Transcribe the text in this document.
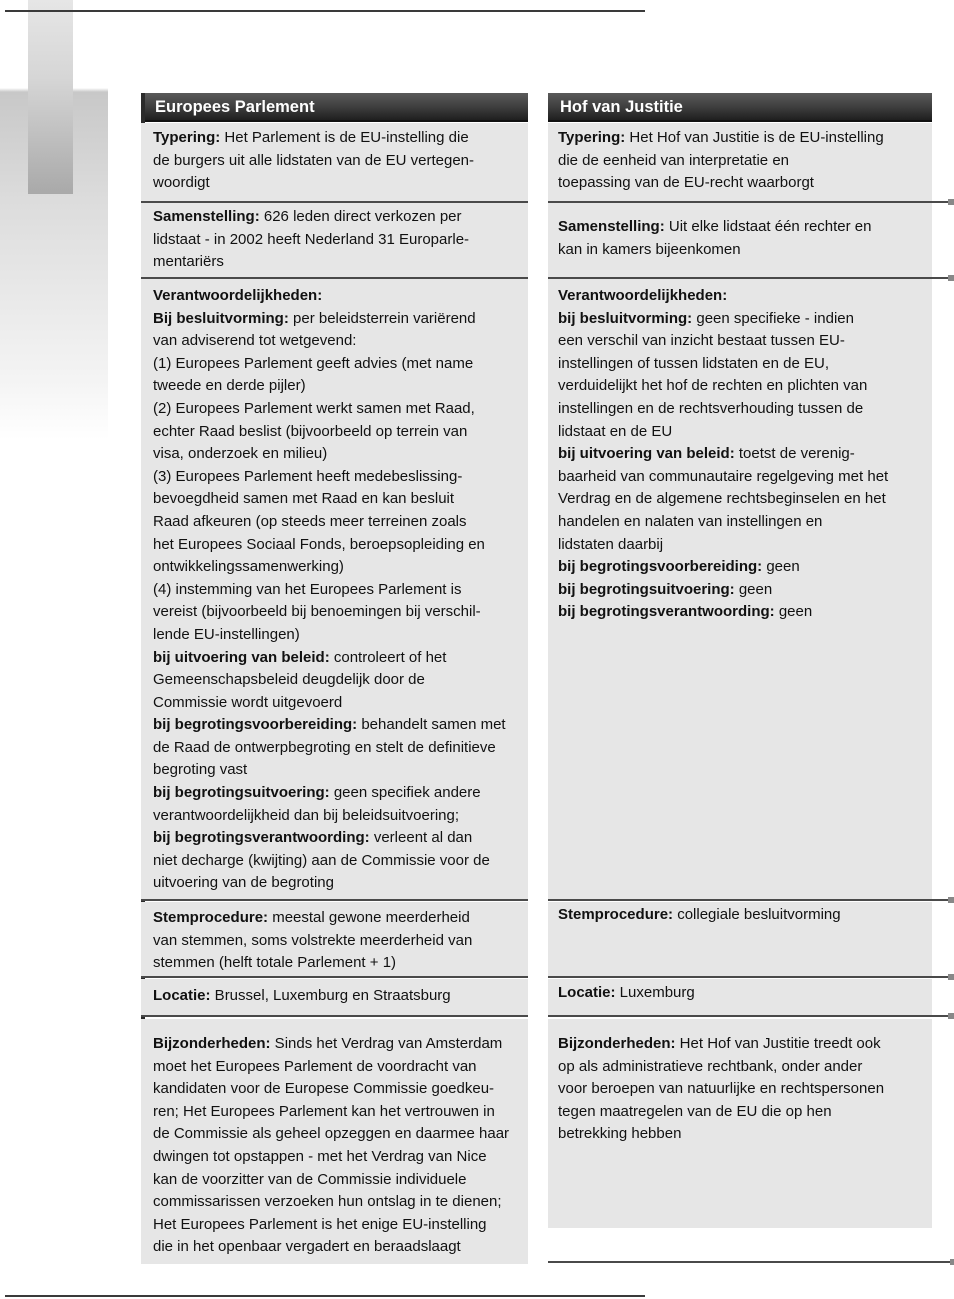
Europees Parlement
Typering: Het Parlement is de EU-instelling die
de burgers uit alle lidstaten van de EU vertegen-
woordigt
Samenstelling: 626 leden direct verkozen per
lidstaat - in 2002 heeft Nederland 31 Europarle-
mentariërs
Verantwoordelijkheden:
Bij besluitvorming: per beleidsterrein variërend
van adviserend tot wetgevend:
(1) Europees Parlement geeft advies (met name
tweede en derde pijler)
(2) Europees Parlement werkt samen met Raad,
echter Raad beslist (bijvoorbeeld op terrein van
visa, onderzoek en milieu)
(3) Europees Parlement heeft medebeslissing-
bevoegdheid samen met Raad en kan besluit
Raad afkeuren (op steeds meer terreinen zoals
het Europees Sociaal Fonds, beroepsopleiding en
ontwikkelingssamenwerking)
(4) instemming van het Europees Parlement is
vereist (bijvoorbeeld bij benoemingen bij verschil-
lende EU-instellingen)
bij uitvoering van beleid: controleert of het
Gemeenschapsbeleid deugdelijk door de
Commissie wordt uitgevoerd
bij begrotingsvoorbereiding: behandelt samen met
de Raad de ontwerpbegroting en stelt de definitieve
begroting vast
bij begrotingsuitvoering: geen specifiek andere
verantwoordelijkheid dan bij beleidsuitvoering;
bij begrotingsverantwoording: verleent al dan
niet decharge (kwijting) aan de Commissie voor de
uitvoering van de begroting
Stemprocedure: meestal gewone meerderheid
van stemmen, soms volstrekte meerderheid van
stemmen (helft totale Parlement + 1)
Locatie: Brussel, Luxemburg en Straatsburg
Bijzonderheden: Sinds het Verdrag van Amsterdam
moet het Europees Parlement de voordracht van
kandidaten voor de Europese Commissie goedkeu-
ren; Het Europees Parlement kan het vertrouwen in
de Commissie als geheel opzeggen en daarmee haar
dwingen tot opstappen - met het Verdrag van Nice
kan de voorzitter van de Commissie individuele
commissarissen verzoeken hun ontslag in te dienen;
Het Europees Parlement is het enige EU-instelling
die in het openbaar vergadert en beraadslaagt
Hof van Justitie
Typering: Het Hof van Justitie is de EU-instelling
die de eenheid van interpretatie en
toepassing van de EU-recht waarborgt
Samenstelling: Uit elke lidstaat één rechter en
kan in kamers bijeenkomen
Verantwoordelijkheden:
bij besluitvorming: geen specifieke - indien
een verschil van inzicht bestaat tussen EU-
instellingen of tussen lidstaten en de EU,
verduidelijkt het hof de rechten en plichten van
instellingen en de rechtsverhouding tussen de
lidstaat en de EU
bij uitvoering van beleid: toetst de verenig-
baarheid van communautaire regelgeving met het
Verdrag en de algemene rechtsbeginselen en het
handelen en nalaten van instellingen en
lidstaten daarbij
bij begrotingsvoorbereiding: geen
bij begrotingsuitvoering: geen
bij begrotingsverantwoording: geen
Stemprocedure: collegiale besluitvorming
Locatie: Luxemburg
Bijzonderheden: Het Hof van Justitie treedt ook
op als administratieve rechtbank, onder ander
voor beroepen van natuurlijke en rechtspersonen
tegen maatregelen van de EU die op hen
betrekking hebben
